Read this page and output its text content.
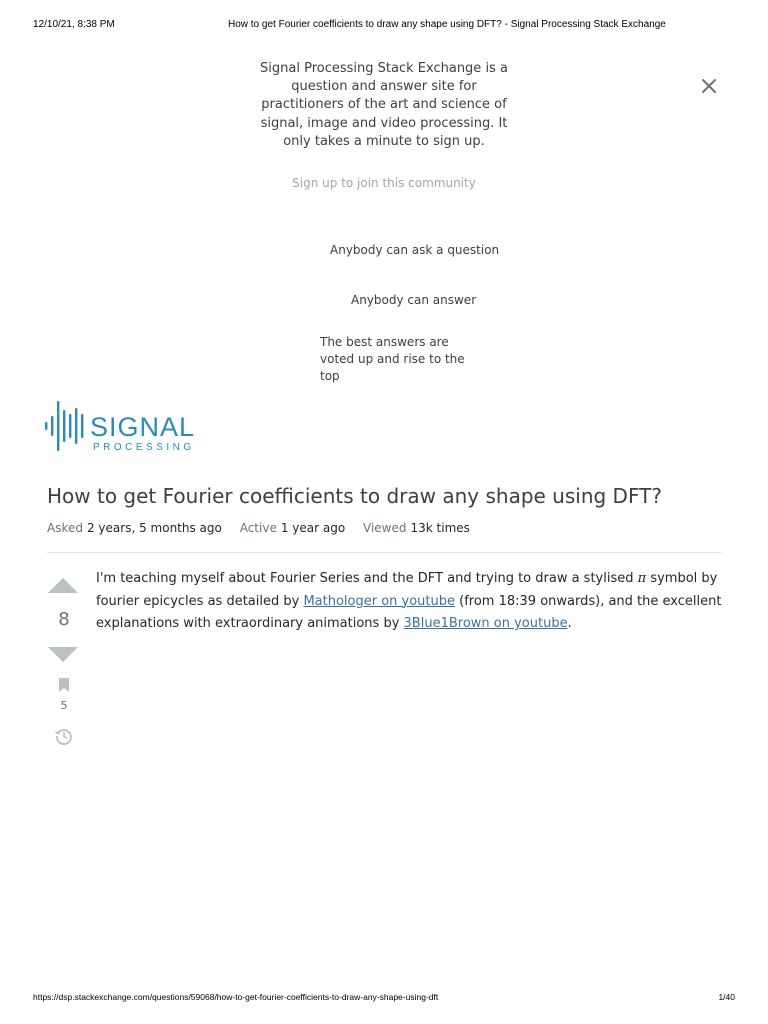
12/10/21, 8:38 PM	How to get Fourier coefficients to draw any shape using DFT? - Signal Processing Stack Exchange
Signal Processing Stack Exchange is a question and answer site for practitioners of the art and science of signal, image and video processing. It only takes a minute to sign up.
Sign up to join this community
Anybody can ask a question
Anybody can answer
The best answers are voted up and rise to the top
SIGNAL
PROCESSING
How to get Fourier coefficients to draw any shape using DFT?
Asked 2 years, 5 months ago Active 1 year ago Viewed 13k times
8
5
I'm teaching myself about Fourier Series and the DFT and trying to draw a stylised π symbol by fourier epicycles as detailed by Mathologer on youtube (from 18:39 onwards), and the excellent explanations with extraordinary animations by 3Blue1Brown on youtube.
https://dsp.stackexchange.com/questions/59068/how-to-get-fourier-coefficients-to-draw-any-shape-using-dft	1/40
